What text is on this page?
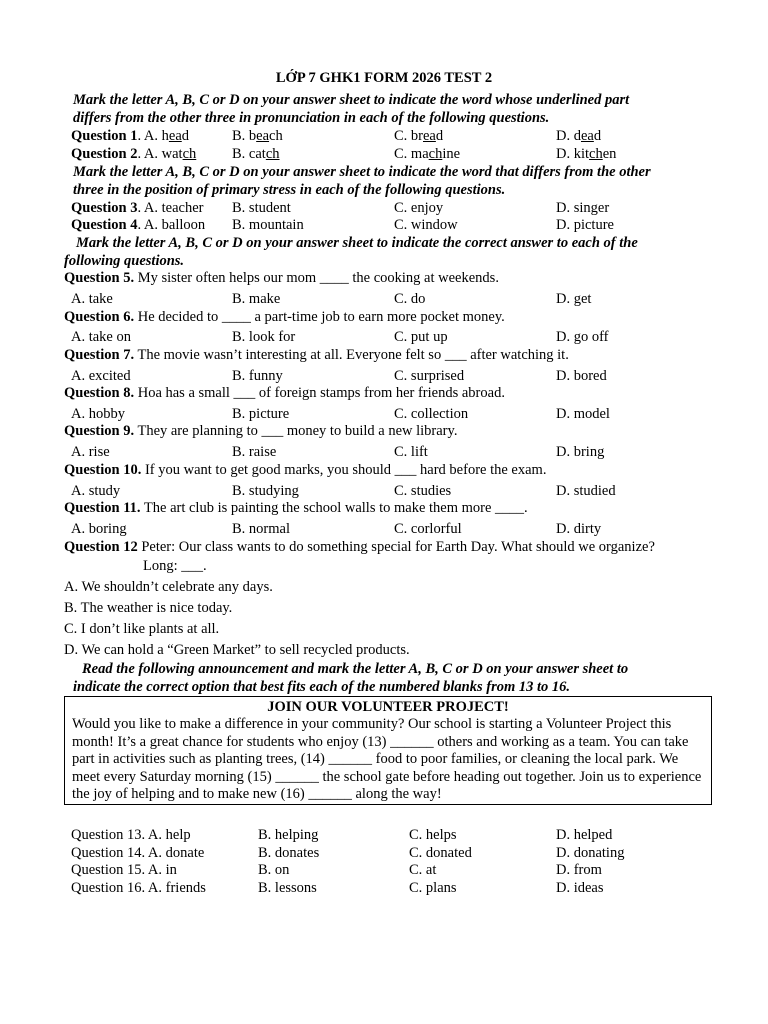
LỚP 7 GHK1 FORM 2026 TEST 2
Mark the letter A, B, C or D on your answer sheet to indicate the word whose underlined part
differs from the other three in pronunciation in each of the following questions.
Question 1. A. head	B. beach	C. bread	D. dead
Question 2. A. watch B. catch	C. machine	D. kitchen
Mark the letter A, B, C or D on your answer sheet to indicate the word that differs from the other
three in the position of primary stress in each of the following questions.
Question 3. A. teacher B. student	C. enjoy	D. singer
Question 4. A. balloon B. mountain	C. window	D. picture
Mark the letter A, B, C or D on your answer sheet to indicate the correct answer to each of the
following questions.
Question 5. My sister often helps our mom ____ the cooking at weekends.
A. take	B. make	C. do	D. get
Question 6. He decided to ____ a part-time job to earn more pocket money.
A. take on	B. look for	C. put up	D. go off
Question 7. The movie wasn’t interesting at all. Everyone felt so ___ after watching it.
A. excited	B. funny	C. surprised	D. bored
Question 8. Hoa has a small ___ of foreign stamps from her friends abroad.
A. hobby	B. picture	C. collection	D. model
Question 9. They are planning to ___ money to build a new library.
A. rise	B. raise	C. lift	D. bring
Question 10. If you want to get good marks, you should ___ hard before the exam.
A. study	B. studying	C. studies	D. studied
Question 11. The art club is painting the school walls to make them more ____.
A. boring	B. normal	C. corlorful	D. dirty
Question 12 Peter: Our class wants to do something special for Earth Day. What should we organize?
Long: ___.
A. We shouldn’t celebrate any days.
B. The weather is nice today.
C. I don’t like plants at all.
D. We can hold a “Green Market” to sell recycled products.
Read the following announcement and mark the letter A, B, C or D on your answer sheet to
indicate the correct option that best fits each of the numbered blanks from 13 to 16.
JOIN OUR VOLUNTEER PROJECT!
Would you like to make a difference in your community? Our school is starting a Volunteer Project this month! It’s a great chance for students who enjoy (13) ______ others and working as a team. You can take part in activities such as planting trees, (14) ______ food to poor families, or cleaning the local park. We meet every Saturday morning (15) ______ the school gate before heading out together. Join us to experience the joy of helping and to make new (16) ______ along the way!
Question 13. A. help	B. helping	C. helps	D. helped
Question 14. A. donate	B. donates	C. donated	D. donating
Question 15. A. in	B. on	C. at	D. from
Question 16. A. friends	B. lessons	C. plans	D. ideas
